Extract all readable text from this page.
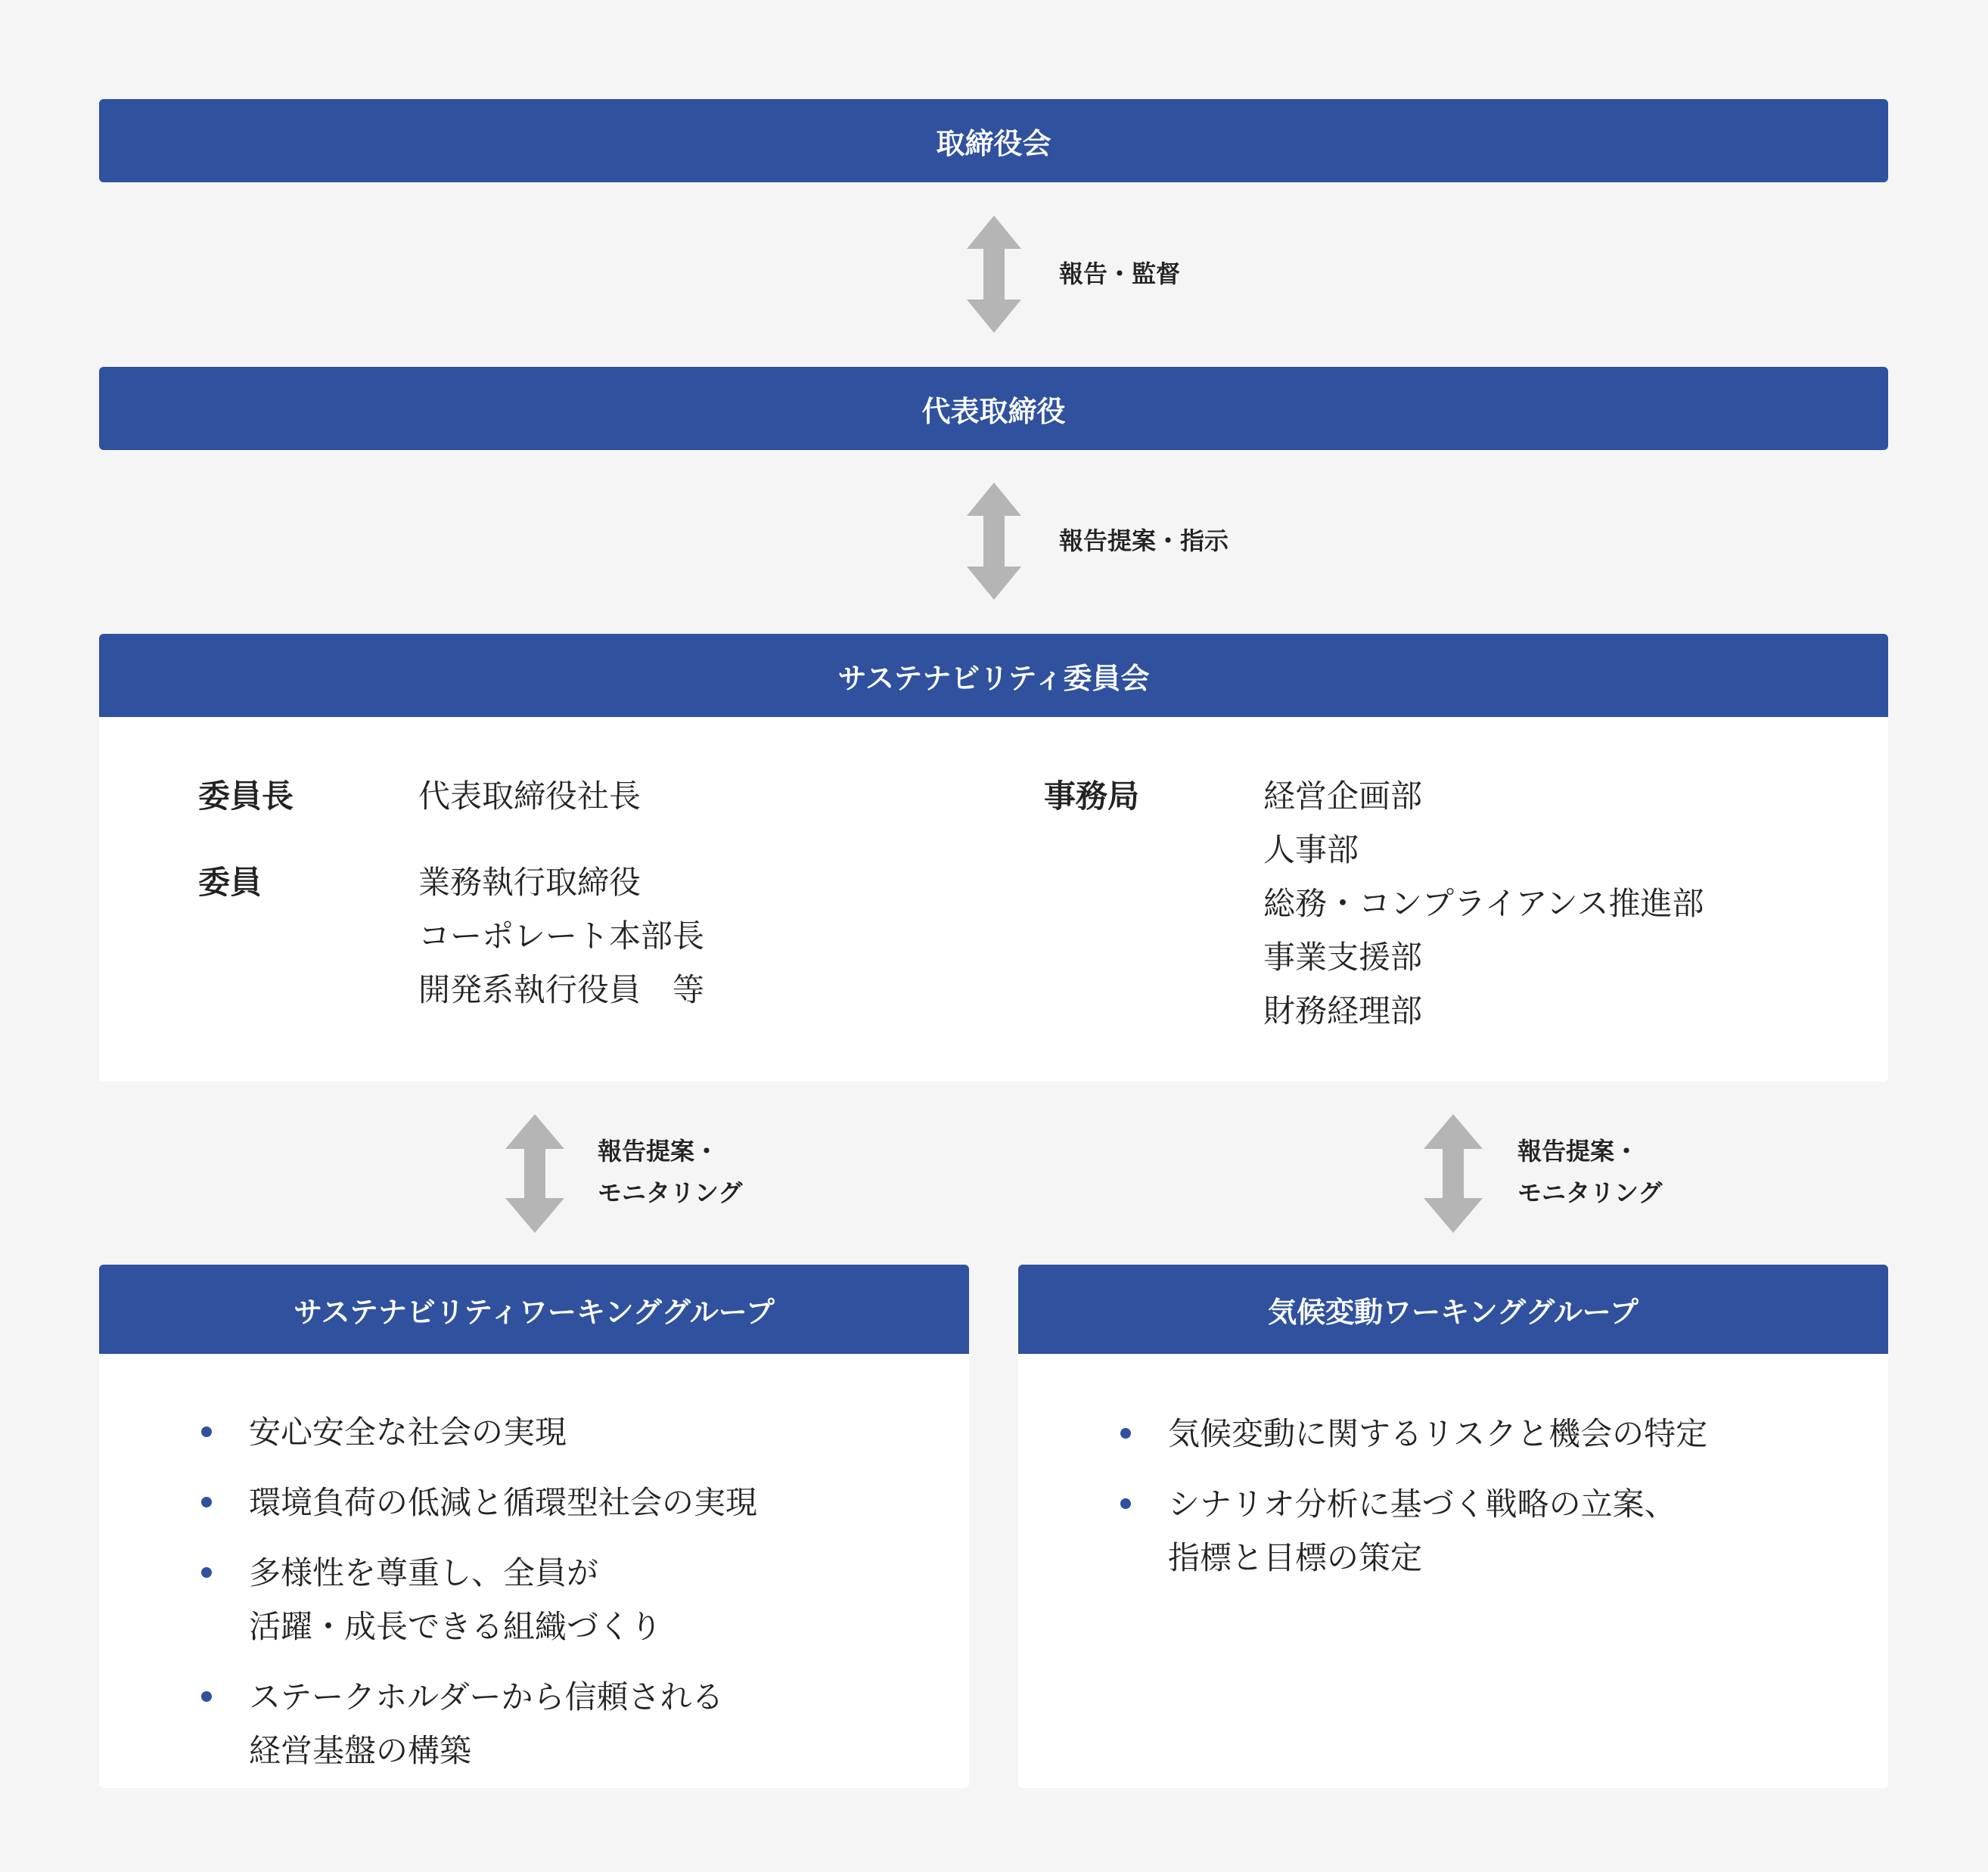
取締役会
報告・監督
代表取締役
報告提案・指示
サステナビリティ委員会
委員長	代表取締役社長
委員	業務執行取締役
コーポレート本部長
開発系執行役員　等
事務局	経営企画部
人事部
総務・コンプライアンス推進部
事業支援部
財務経理部
報告提案・
モニタリング
報告提案・
モニタリング
サステナビリティワーキンググループ
安心安全な社会の実現
環境負荷の低減と循環型社会の実現
多様性を尊重し、全員が
活躍・成長できる組織づくり
ステークホルダーから信頼される
経営基盤の構築
気候変動ワーキンググループ
気候変動に関するリスクと機会の特定
シナリオ分析に基づく戦略の立案、
指標と目標の策定
